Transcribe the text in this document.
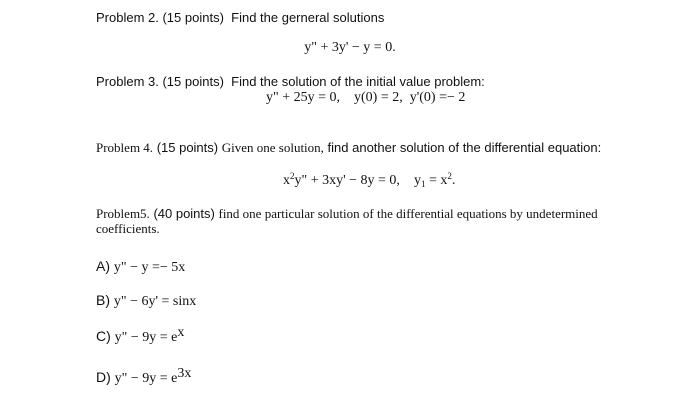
Problem 2. (15 points) Find the gerneral solutions
y" + 3y' − y = 0.
Problem 3. (15 points) Find the solution of the initial value problem:
y" + 25y = 0, y(0) = 2, y'(0) =− 2
Problem 4. (15 points) Given one solution, find another solution of the differential equation:
$x^2y$" + 3xy' − 8y = 0, $y_1 = x^2$.
Problem5. (40 points) find one particular solution of the differential equations by undetermined
coefficients.
A) y" − y =− 5x
B) y" − 6y' = sinx
C) y" − $9y = e^x$
D) y" − $9y = e^{3x}$
